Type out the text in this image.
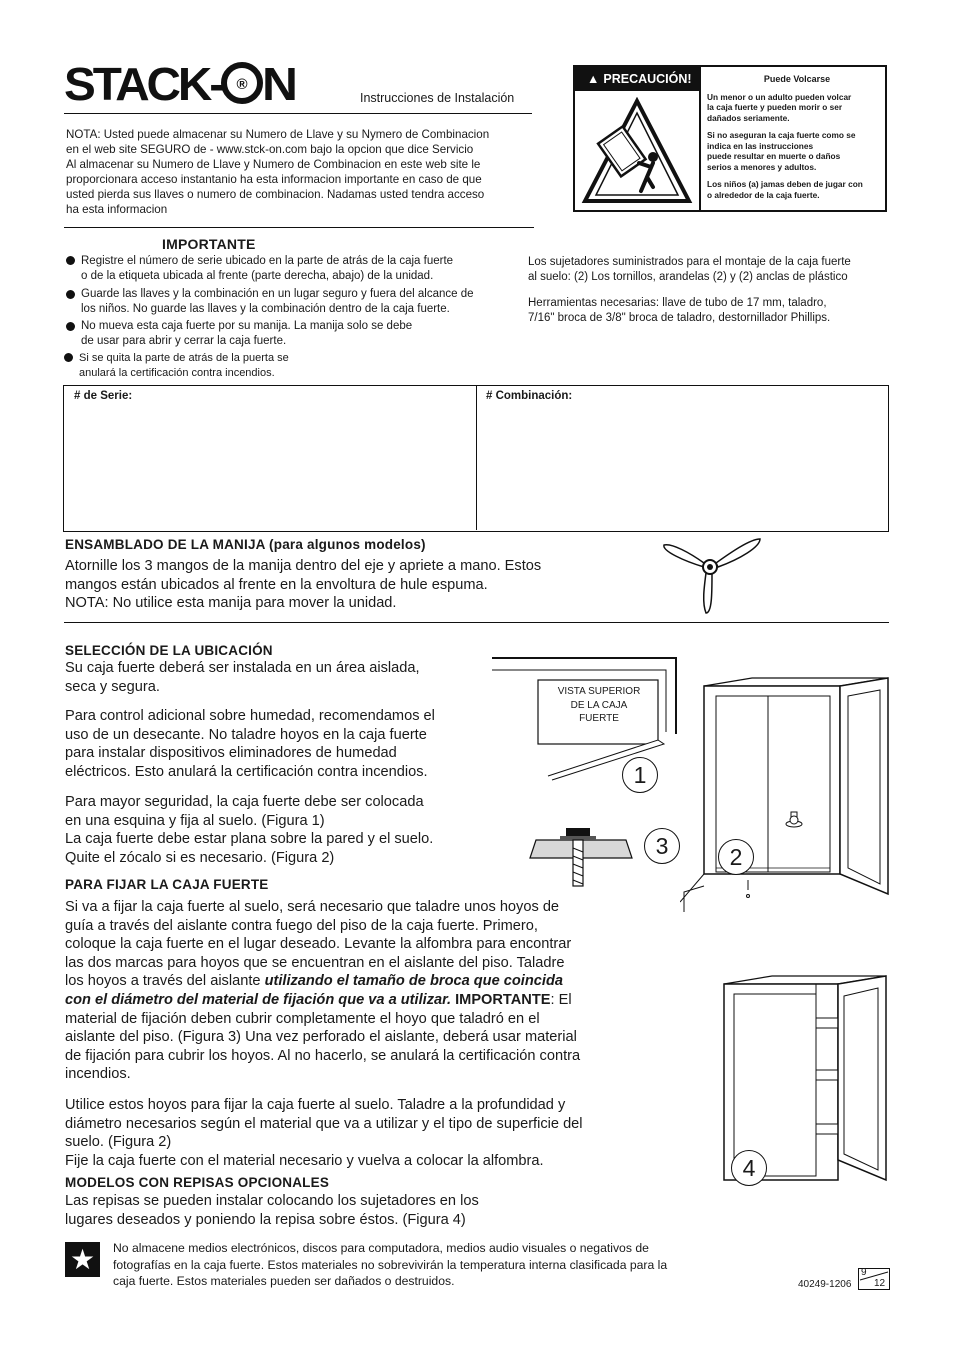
STACK- ® N	Instrucciones de Instalación
NOTA: Usted puede almacenar su Numero de Llave y su Nymero de Combinacion
en el web site SEGURO de - www.stck-on.com bajo la opcion que dice Servicio
Al almacenar su Numero de Llave y Numero de Combinacion en este web site le
proporcionara acceso instantanio ha esta informacion importante en caso de que
usted pierda sus llaves o numero de combinacion. Nadamas usted tendra acceso
ha esta informacion
▲ PRECAUCIÓN!	Puede Volcarse
Un menor o un adulto pueden volcar
la caja fuerte y pueden morir o ser
dañados seriamente.
Si no aseguran la caja fuerte como se
indica en las instrucciones
puede resultar en muerte o daños
serios a menores y adultos.
Los niños (a) jamas deben de jugar con
o alrededor de la caja fuerte.
IMPORTANTE
Registre el número de serie ubicado en la parte de atrás de la caja fuerte
o de la etiqueta ubicada al frente (parte derecha, abajo) de la unidad.
Guarde las llaves y la combinación en un lugar seguro y fuera del alcance de
los niños. No guarde las llaves y la combinación dentro de la caja fuerte.
No mueva esta caja fuerte por su manija. La manija solo se debe
de usar para abrir y cerrar la caja fuerte.
Si se quita la parte de atrás de la puerta se
anulará la certificación contra incendios.
Los sujetadores suministrados para el montaje de la caja fuerte
al suelo: (2) Los tornillos, arandelas (2) y (2) anclas de plástico
Herramientas necesarias: llave de tubo de 17 mm, taladro,
7/16" broca de 3/8" broca de taladro, destornillador Phillips.
# de Serie:	# Combinación:
ENSAMBLADO DE LA MANIJA (para algunos modelos)
Atornille los 3 mangos de la manija dentro del eje y apriete a mano. Estos
mangos están ubicados al frente en la envoltura de hule espuma.
NOTA: No utilice esta manija para mover la unidad.
SELECCIÓN DE LA UBICACIÓN
Su caja fuerte deberá ser instalada en un área aislada,
seca y segura.
Para control adicional sobre humedad, recomendamos el
uso de un desecante. No taladre hoyos en la caja fuerte
para instalar dispositivos eliminadores de humedad
eléctricos. Esto anulará la certificación contra incendios.
Para mayor seguridad, la caja fuerte debe ser colocada
en una esquina y fija al suelo. (Figura 1)
La caja fuerte debe estar plana sobre la pared y el suelo.
Quite el zócalo si es necesario. (Figura 2)
VISTA SUPERIOR
DE LA CAJA
FUERTE
1
3	2
PARA FIJAR LA CAJA FUERTE
Si va a fijar la caja fuerte al suelo, será necesario que taladre unos hoyos de
guía a través del aislante contra fuego del piso de la caja fuerte. Primero,
coloque la caja fuerte en el lugar deseado. Levante la alfombra para encontrar
las dos marcas para hoyos que se encuentran en el aislante del piso. Taladre
los hoyos a través del aislante utilizando el tamaño de broca que coincida
con el diámetro del material de fijación que va a utilizar. IMPORTANTE: El
material de fijación deben cubrir completamente el hoyo que taladró en el
aislante del piso. (Figura 3) Una vez perforado el aislante, deberá usar material
de fijación para cubrir los hoyos. Al no hacerlo, se anulará la certificación contra
incendios.
Utilice estos hoyos para fijar la caja fuerte al suelo. Taladre a la profundidad y
diámetro necesarios según el material que va a utilizar y el tipo de superficie del
suelo. (Figura 2)
Fije la caja fuerte con el material necesario y vuelva a colocar la alfombra.	4
MODELOS CON REPISAS OPCIONALES
Las repisas se pueden instalar colocando los sujetadores en los
lugares deseados y poniendo la repisa sobre éstos. (Figura 4)
★	No almacene medios electrónicos, discos para computadora, medios audio visuales o negativos de
fotografías en la caja fuerte. Estos materiales no sobrevivirán la temperatura interna clasificada para la
caja fuerte. Estos materiales pueden ser dañados o destruidos.	40249-1206
9
12
